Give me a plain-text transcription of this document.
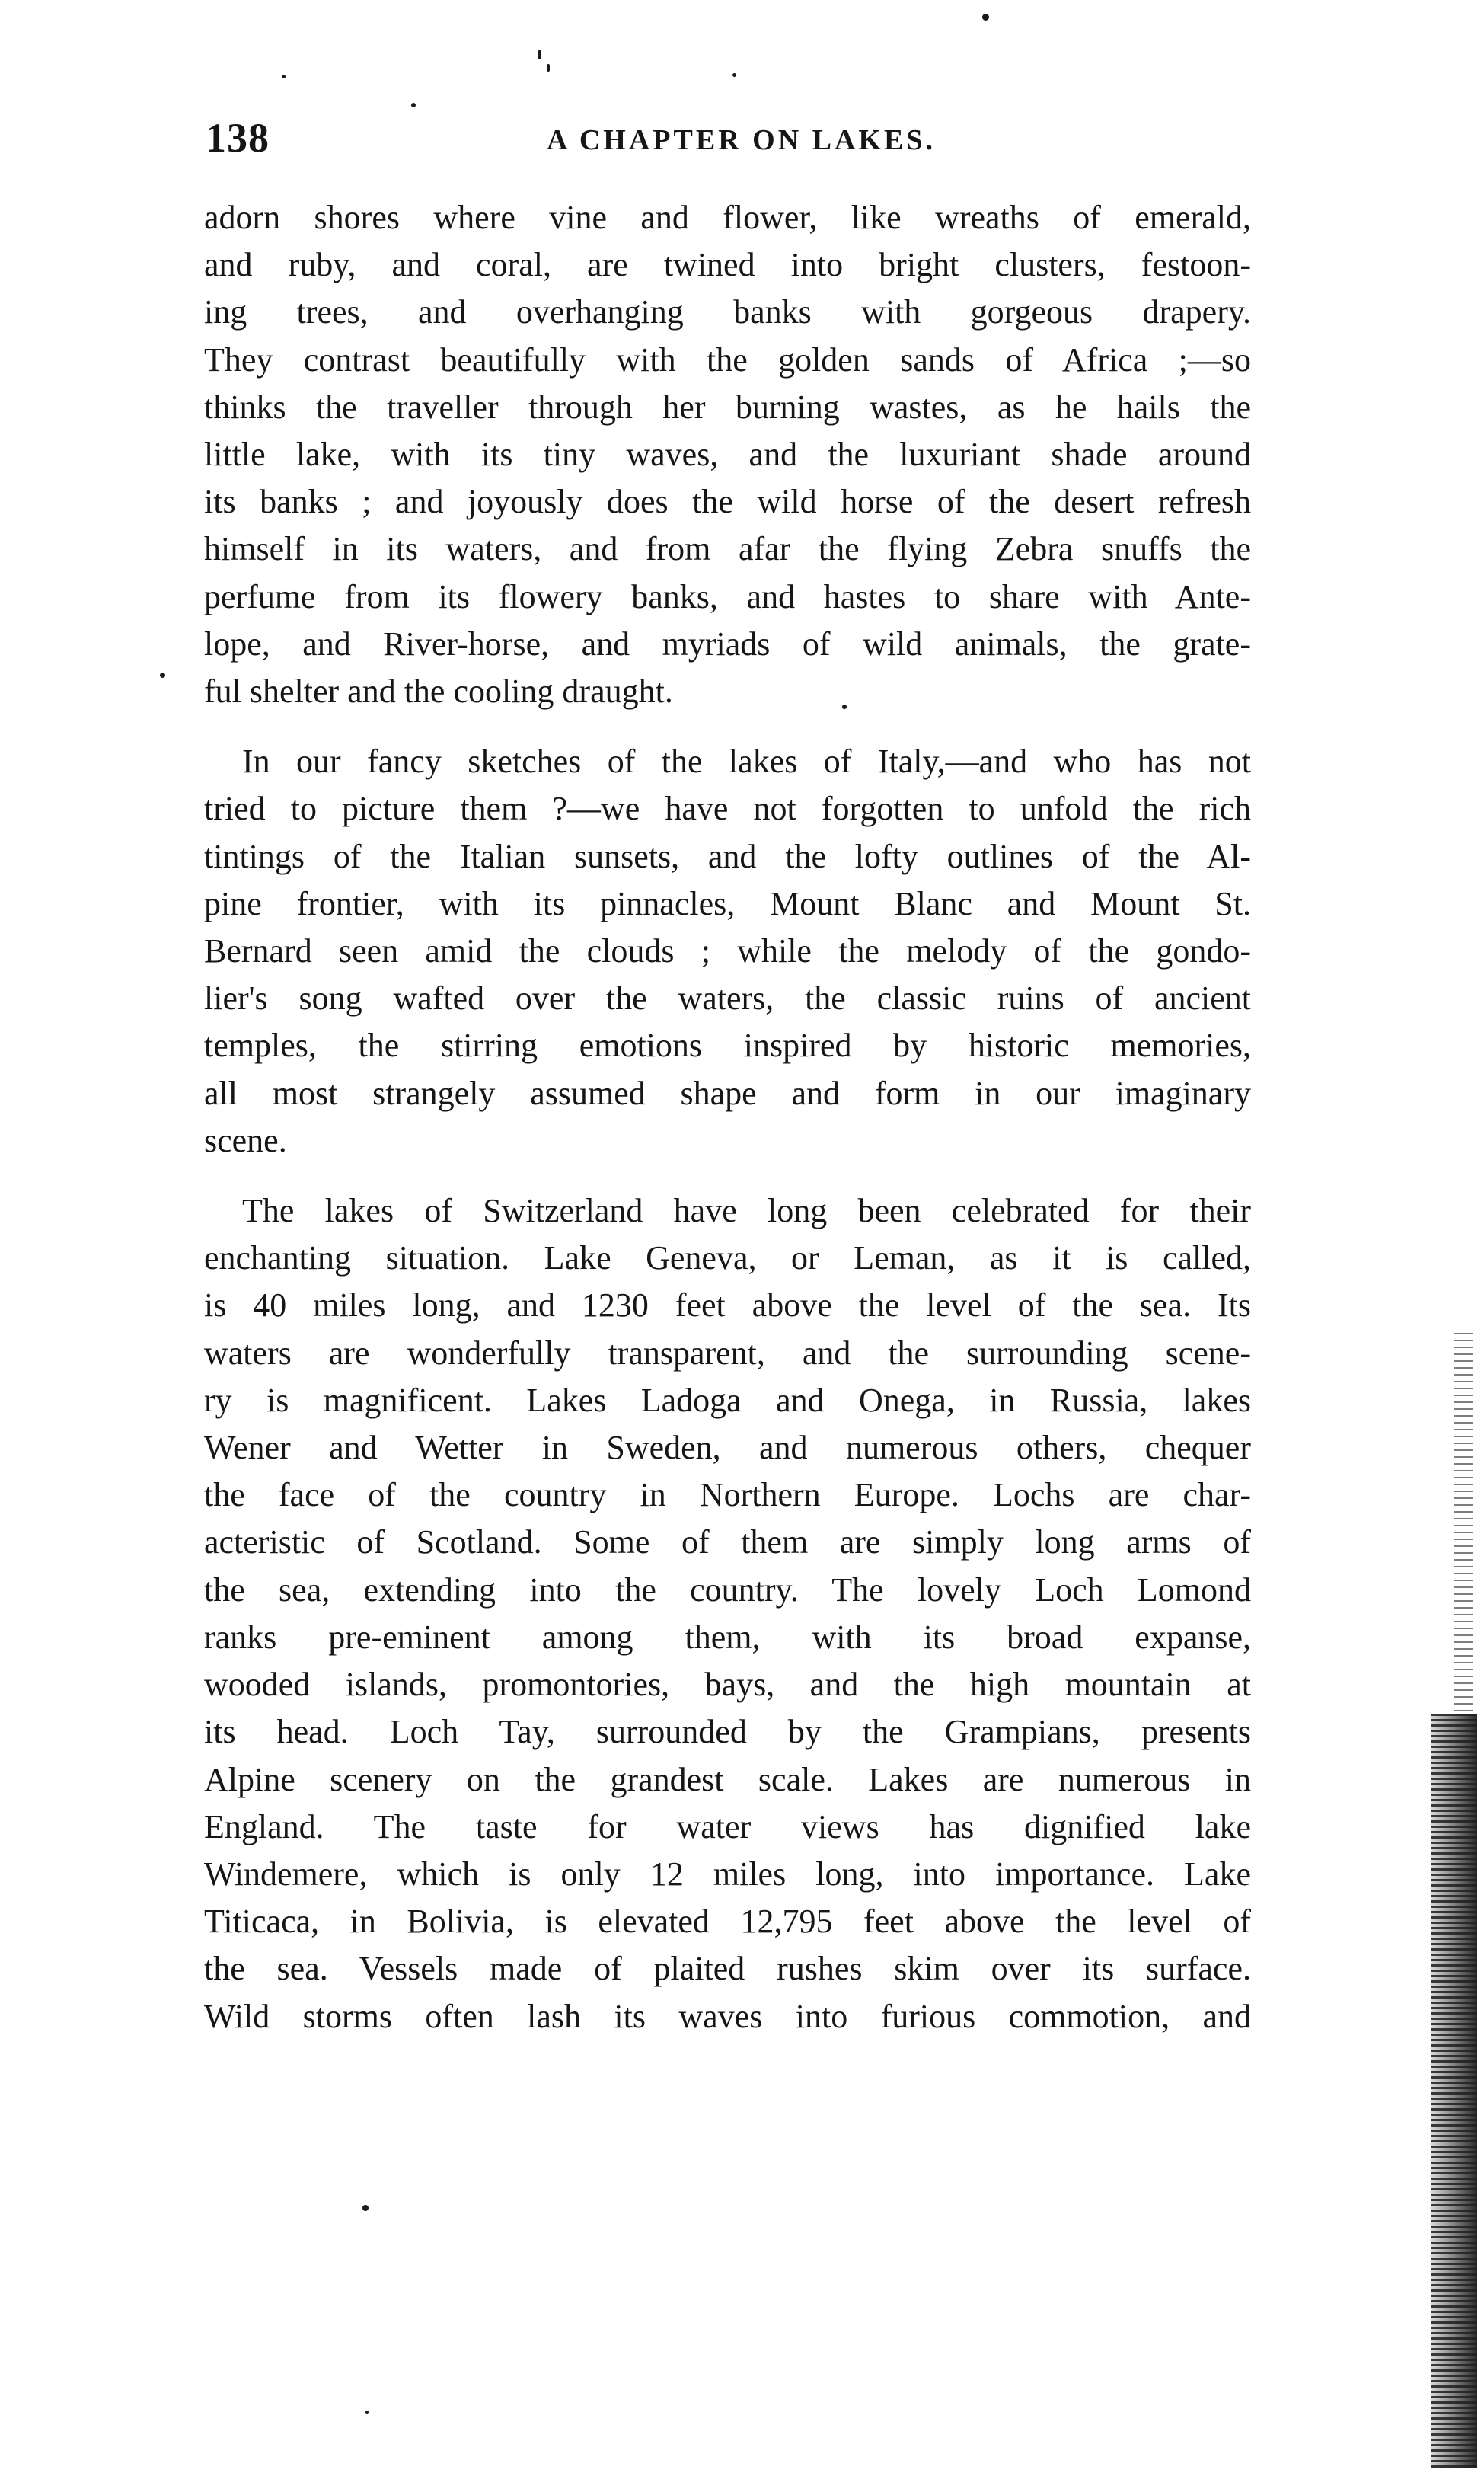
138	A CHAPTER ON LAKES.

adorn shores where vine and flower, like wreaths of emerald,
and ruby, and coral, are twined into bright clusters, festoon-
ing trees, and overhanging banks with gorgeous drapery.
They contrast beautifully with the golden sands of Africa ;—so
thinks the traveller through her burning wastes, as he hails the
little lake, with its tiny waves, and the luxuriant shade around
its banks ; and joyously does the wild horse of the desert refresh
himself in its waters, and from afar the flying Zebra snuffs the
perfume from its flowery banks, and hastes to share with Ante-
lope, and River-horse, and myriads of wild animals, the grate-
ful shelter and the cooling draught.

In our fancy sketches of the lakes of Italy,—and who has not
tried to picture them ?—we have not forgotten to unfold the rich
tintings of the Italian sunsets, and the lofty outlines of the Al-
pine frontier, with its pinnacles, Mount Blanc and Mount St.
Bernard seen amid the clouds ; while the melody of the gondo-
lier's song wafted over the waters, the classic ruins of ancient
temples, the stirring emotions inspired by historic memories,
all most strangely assumed shape and form in our imaginary
scene.

The lakes of Switzerland have long been celebrated for their
enchanting situation. Lake Geneva, or Leman, as it is called,
is 40 miles long, and 1230 feet above the level of the sea. Its
waters are wonderfully transparent, and the surrounding scene-
ry is magnificent. Lakes Ladoga and Onega, in Russia, lakes
Wener and Wetter in Sweden, and numerous others, chequer
the face of the country in Northern Europe. Lochs are char-
acteristic of Scotland. Some of them are simply long arms of
the sea, extending into the country. The lovely Loch Lomond
ranks pre-eminent among them, with its broad expanse,
wooded islands, promontories, bays, and the high mountain at
its head. Loch Tay, surrounded by the Grampians, presents
Alpine scenery on the grandest scale. Lakes are numerous in
England. The taste for water views has dignified lake
Windemere, which is only 12 miles long, into importance. Lake
Titicaca, in Bolivia, is elevated 12,795 feet above the level of
the sea. Vessels made of plaited rushes skim over its surface.
Wild storms often lash its waves into furious commotion, and
